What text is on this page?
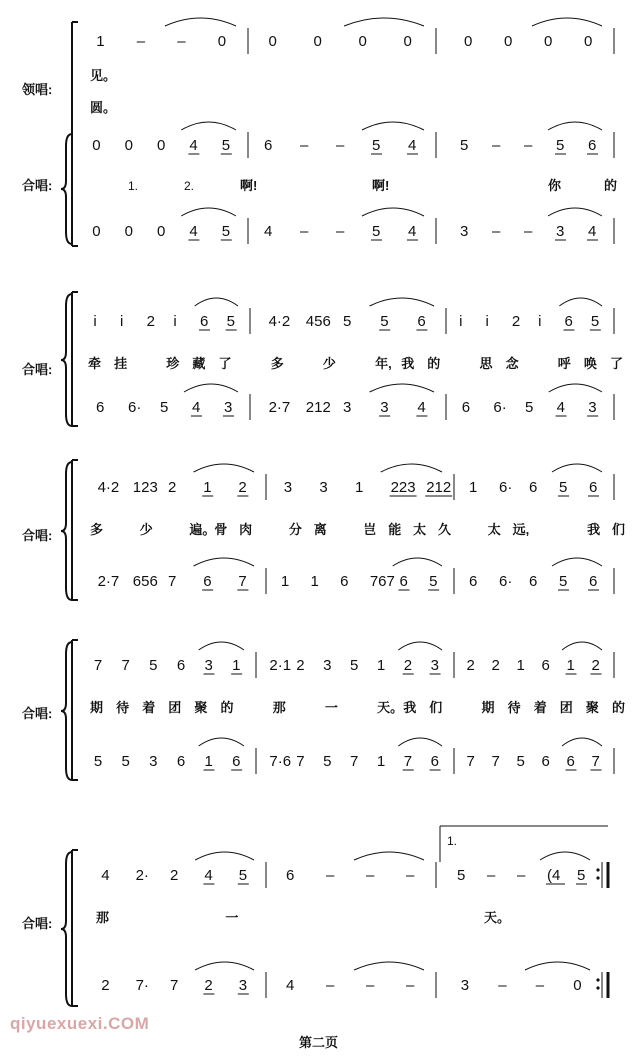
1 – – 0	0 0 0 0	0 0 0 0
0 0 0 4 5 6 – – 5 4	5 – – 5 6
0 0 0 4 5 4 – – 5 4	3 – – 3 4
i i 2 i 6 5 4·2 456 5 5 6 i i 2 i 6 5
6 6· 5 4 3 2·7 212 3 3 4 6 6· 5 4 3
4·2 123 2 1 2 3 3 1 223 212 1 6· 6 5 6
2·7 656 7 6 7 1 1 6 767 6 5 6 6· 6 5 6
7 7 5 6 3 1 2·1 2 3 5 1 2 3 2 2 1 6 1 2
5 5 3 6 1 6 7·6 7 5 7 1 7 6 7 7 5 6 6 7
4 2· 2 4 5	6 – – –	5 – – (4 5
2 7· 7 2 3	4 – – –	3 – – 0
见。
圆。
1.	2.	啊!	啊!	你	的
牵 挂	珍 藏 了	多	少	年, 我 的	思 念	呼 唤 了
多	少	遍。
骨 肉	分 离	岂 能 太 久	太 远,	我 们
期 待 着 团 聚 的	那	一	天。 我 们	期 待 着 团 聚 的
那	一	天。
领唱:
合唱:
合唱:
合唱:
合唱:
合唱:
1.
qiyuexuexi.COM
第二页
